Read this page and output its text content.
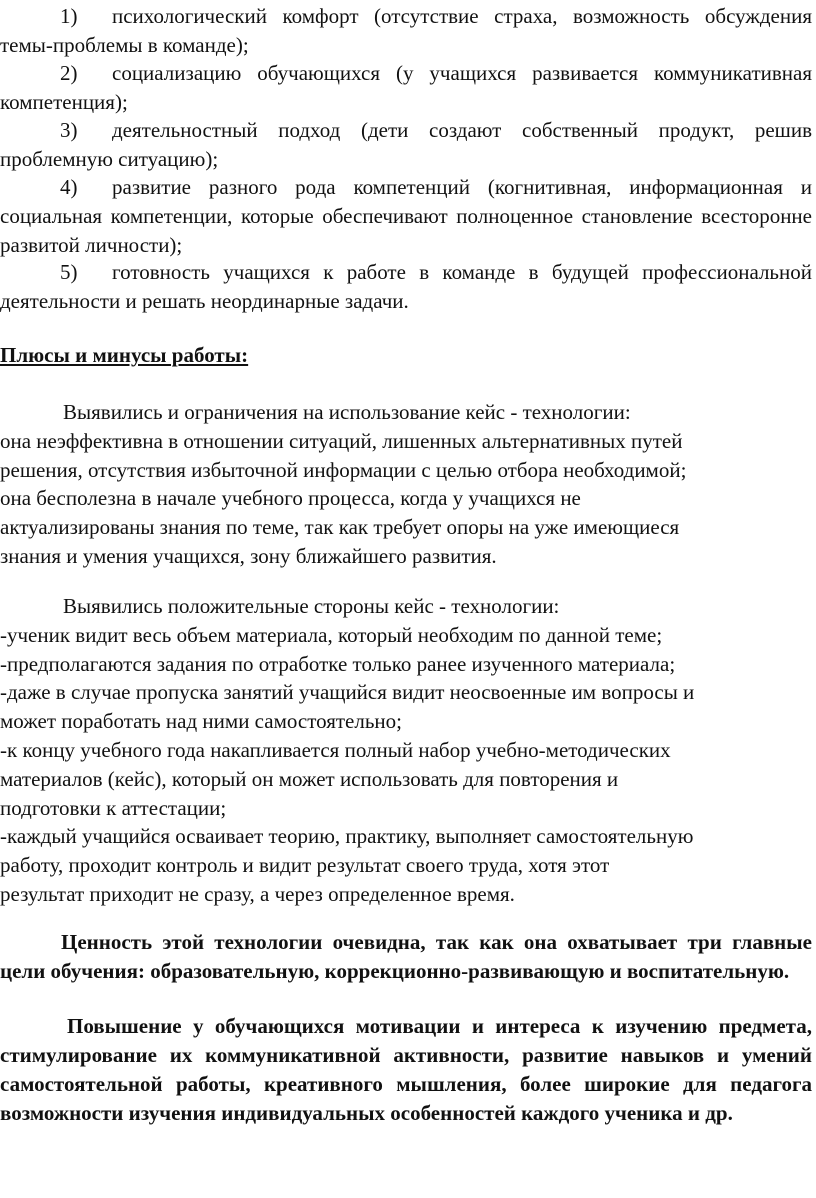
1) психологический комфорт (отсутствие страха, возможность обсуждения темы-проблемы в команде);

2) социализацию обучающихся (у учащихся развивается коммуникативная компетенция);

3) деятельностный подход (дети создают собственный продукт, решив проблемную ситуацию);

4) развитие разного рода компетенций (когнитивная, информационная и социальная компетенции, которые обеспечивают полноценное становление всесторонне развитой личности);

5) готовность учащихся к работе в команде в будущей профессиональной деятельности и решать неординарные задачи.

Плюсы и минусы работы:

Выявились и ограничения на использование кейс - технологии:
она неэффективна в отношении ситуаций, лишенных альтернативных путей
решения, отсутствия избыточной информации с целью отбора необходимой;
она бесполезна в начале учебного процесса, когда у учащихся не
актуализированы знания по теме, так как требует опоры на уже имеющиеся
знания и умения учащихся, зону ближайшего развития.
Выявились положительные стороны кейс - технологии:
-ученик видит весь объем материала, который необходим по данной теме;
-предполагаются задания по отработке только ранее изученного материала;
-даже в случае пропуска занятий учащийся видит неосвоенные им вопросы и
может поработать над ними самостоятельно;
-к концу учебного года накапливается полный набор учебно-методических
материалов (кейс), который он может использовать для повторения и
подготовки к аттестации;
-каждый учащийся осваивает теорию, практику, выполняет самостоятельную
работу, проходит контроль и видит результат своего труда, хотя этот
результат приходит не сразу, а через определенное время.

Ценность этой технологии очевидна, так как она охватывает три главные цели обучения: образовательную, коррекционно-развивающую и воспитательную.

Повышение у обучающихся мотивации и интереса к изучению предмета, стимулирование их коммуникативной активности, развитие навыков и умений самостоятельной работы, креативного мышления, более широкие для педагога возможности изучения индивидуальных особенностей каждого ученика и др.
